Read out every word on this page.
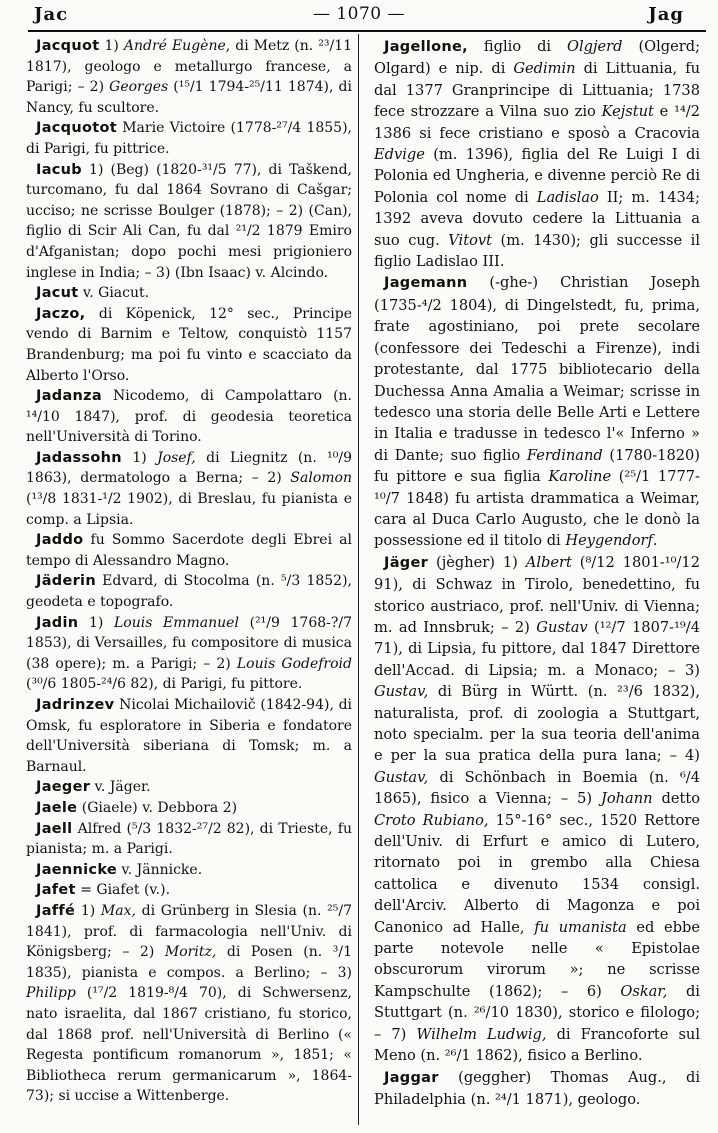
Jac	— 1070 —	Jag

Jacquot 1) André Eugène, di Metz (n. ²³/11 1817), geologo e metallurgo francese, a Parigi; – 2) Georges (¹⁵/1 1794-²⁵/11 1874), di Nancy, fu scultore.

Jacquotot Marie Victoire (1778-²⁷/4 1855), di Parigi, fu pittrice.

Iacub 1) (Beg) (1820-³¹/5 77), di Taškend, turcomano, fu dal 1864 Sovrano di Cašgar; ucciso; ne scrisse Boulger (1878); – 2) (Can), figlio di Scir Ali Can, fu dal ²¹/2 1879 Emiro d'Afganistan; dopo pochi mesi prigioniero inglese in India; – 3) (Ibn Isaac) v. Alcindo.

Jacut v. Giacut.

Jaczo, di Köpenick, 12° sec., Principe vendo di Barnim e Teltow, conquistò 1157 Brandenburg; ma poi fu vinto e scacciato da Alberto l'Orso.

Jadanza Nicodemo, di Campolattaro (n. ¹⁴/10 1847), prof. di geodesia teoretica nell'Università di Torino.

Jadassohn 1) Josef, di Liegnitz (n. ¹⁰/9 1863), dermatologo a Berna; – 2) Salomon (¹³/8 1831-¹/2 1902), di Breslau, fu pianista e comp. a Lipsia.

Jaddo fu Sommo Sacerdote degli Ebrei al tempo di Alessandro Magno.

Jäderin Edvard, di Stocolma (n. ⁵/3 1852), geodeta e topografo.

Jadin 1) Louis Emmanuel (²¹/9 1768-?/7 1853), di Versailles, fu compositore di musica (38 opere); m. a Parigi; – 2) Louis Godefroid (³⁰/6 1805-²⁴/6 82), di Parigi, fu pittore.

Jadrinzev Nicolai Michailovič (1842-94), di Omsk, fu esploratore in Siberia e fondatore dell'Università siberiana di Tomsk; m. a Barnaul.

Jaeger v. Jäger.

Jaele (Giaele) v. Debbora 2)

Jaell Alfred (⁵/3 1832-²⁷/2 82), di Trieste, fu pianista; m. a Parigi.

Jaennicke v. Jännicke.

Jafet = Giafet (v.).

Jaffé 1) Max, di Grünberg in Slesia (n. ²⁵/7 1841), prof. di farmacologia nell'Univ. di Königsberg; – 2) Moritz, di Posen (n. ³/1 1835), pianista e compos. a Berlino; – 3) Philipp (¹⁷/2 1819-⁸/4 70), di Schwersenz, nato israelita, dal 1867 cristiano, fu storico, dal 1868 prof. nell'Università di Berlino (« Regesta pontificum romanorum », 1851; « Bibliotheca rerum germanicarum », 1864-73); si uccise a Wittenberge.

Jagellone, figlio di Olgjerd (Olgerd; Olgard) e nip. di Gedimin di Littuania, fu dal 1377 Granprincipe di Littuania; 1738 fece strozzare a Vilna suo zio Kejstut e ¹⁴/2 1386 si fece cristiano e sposò a Cracovia Edvige (m. 1396), figlia del Re Luigi I di Polonia ed Ungheria, e divenne perciò Re di Polonia col nome di Ladislao II; m. 1434; 1392 aveva dovuto cedere la Littuania a suo cug. Vitovt (m. 1430); gli successe il figlio Ladislao III.

Jagemann (-ghe-) Christian Joseph (1735-⁴/2 1804), di Dingelstedt, fu, prima, frate agostiniano, poi prete secolare (confessore dei Tedeschi a Firenze), indi protestante, dal 1775 bibliotecario della Duchessa Anna Amalia a Weimar; scrisse in tedesco una storia delle Belle Arti e Lettere in Italia e tradusse in tedesco l'« Inferno » di Dante; suo figlio Ferdinand (1780-1820) fu pittore e sua figlia Karoline (²⁵/1 1777-¹⁰/7 1848) fu artista drammatica a Weimar, cara al Duca Carlo Augusto, che le donò la possessione ed il titolo di Heygendorf.

Jäger (jègher) 1) Albert (⁸/12 1801-¹⁰/12 91), di Schwaz in Tirolo, benedettino, fu storico austriaco, prof. nell'Univ. di Vienna; m. ad Innsbruk; – 2) Gustav (¹²/7 1807-¹⁹/4 71), di Lipsia, fu pittore, dal 1847 Direttore dell'Accad. di Lipsia; m. a Monaco; – 3) Gustav, di Bürg in Württ. (n. ²³/6 1832), naturalista, prof. di zoologia a Stuttgart, noto specialm. per la sua teoria dell'anima e per la sua pratica della pura lana; – 4) Gustav, di Schönbach in Boemia (n. ⁶/4 1865), fisico a Vienna; – 5) Johann detto Croto Rubiano, 15°-16° sec., 1520 Rettore dell'Univ. di Erfurt e amico di Lutero, ritornato poi in grembo alla Chiesa cattolica e divenuto 1534 consigl. dell'Arciv. Alberto di Magonza e poi Canonico ad Halle, fu umanista ed ebbe parte notevole nelle « Epistolae obscurorum virorum »; ne scrisse Kampschulte (1862); – 6) Oskar, di Stuttgart (n. ²⁶/10 1830), storico e filologo; – 7) Wilhelm Ludwig, di Francoforte sul Meno (n. ²⁶/1 1862), fisico a Berlino.

Jaggar (geggher) Thomas Aug., di Philadelphia (n. ²⁴/1 1871), geologo.
